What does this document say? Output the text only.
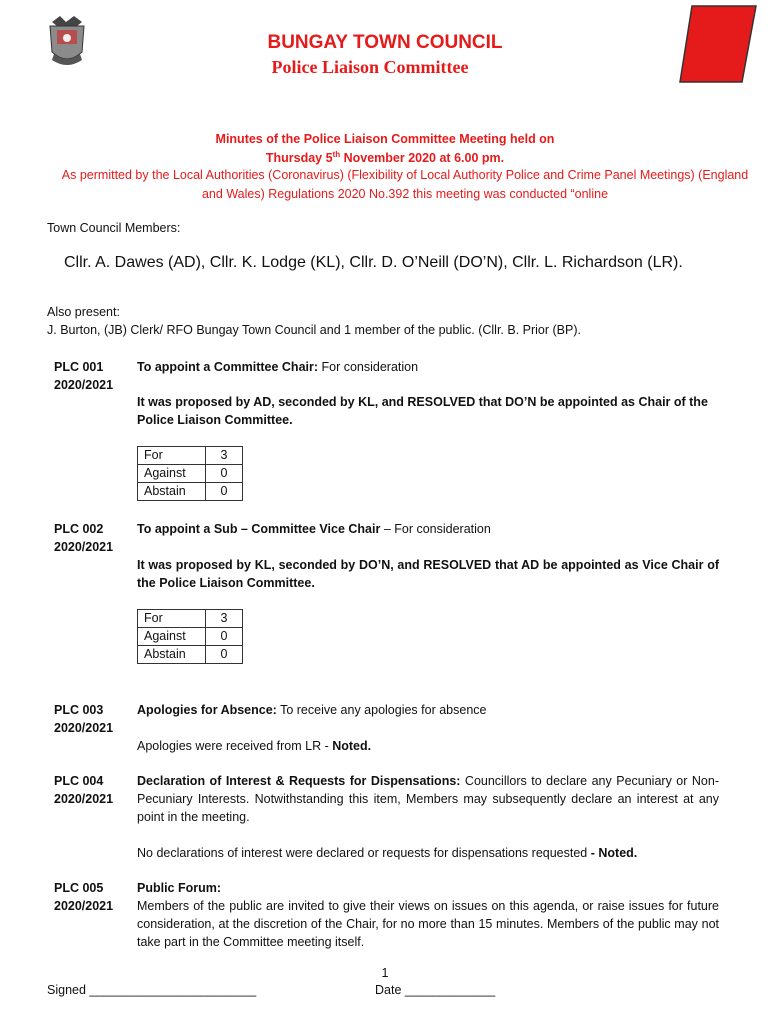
BUNGAY TOWN COUNCIL
Police Liaison Committee
Minutes of the Police Liaison Committee Meeting held on
Thursday 5th November 2020 at 6.00 pm.
As permitted by the Local Authorities (Coronavirus) (Flexibility of Local Authority Police and Crime Panel Meetings) (England and Wales) Regulations 2020 No.392 this meeting was conducted “online
Town Council Members:
Cllr. A. Dawes (AD), Cllr. K. Lodge (KL), Cllr. D. O’Neill (DO’N), Cllr. L. Richardson (LR).
Also present:
J. Burton, (JB) Clerk/ RFO Bungay Town Council and 1 member of the public. (Cllr. B. Prior (BP).
PLC 001
2020/2021
To appoint a Committee Chair: For consideration
It was proposed by AD, seconded by KL, and RESOLVED that DO’N be appointed as Chair of the Police Liaison Committee.
For	3
Against	0
Abstain	0
PLC 002
2020/2021
To appoint a Sub – Committee Vice Chair – For consideration
It was proposed by KL, seconded by DO’N, and RESOLVED that AD be appointed as Vice Chair of the Police Liaison Committee.
For	3
Against	0
Abstain	0
PLC 003
2020/2021
Apologies for Absence: To receive any apologies for absence
Apologies were received from LR - Noted.
PLC 004
2020/2021
Declaration of Interest & Requests for Dispensations: Councillors to declare any Pecuniary or Non-Pecuniary Interests. Notwithstanding this item, Members may subsequently declare an interest at any point in the meeting.
No declarations of interest were declared or requests for dispensations requested - Noted.
PLC 005
2020/2021
Public Forum:
Members of the public are invited to give their views on issues on this agenda, or raise issues for future consideration, at the discretion of the Chair, for no more than 15 minutes. Members of the public may not take part in the Committee meeting itself.
1
Signed ________________________	Date _____________
